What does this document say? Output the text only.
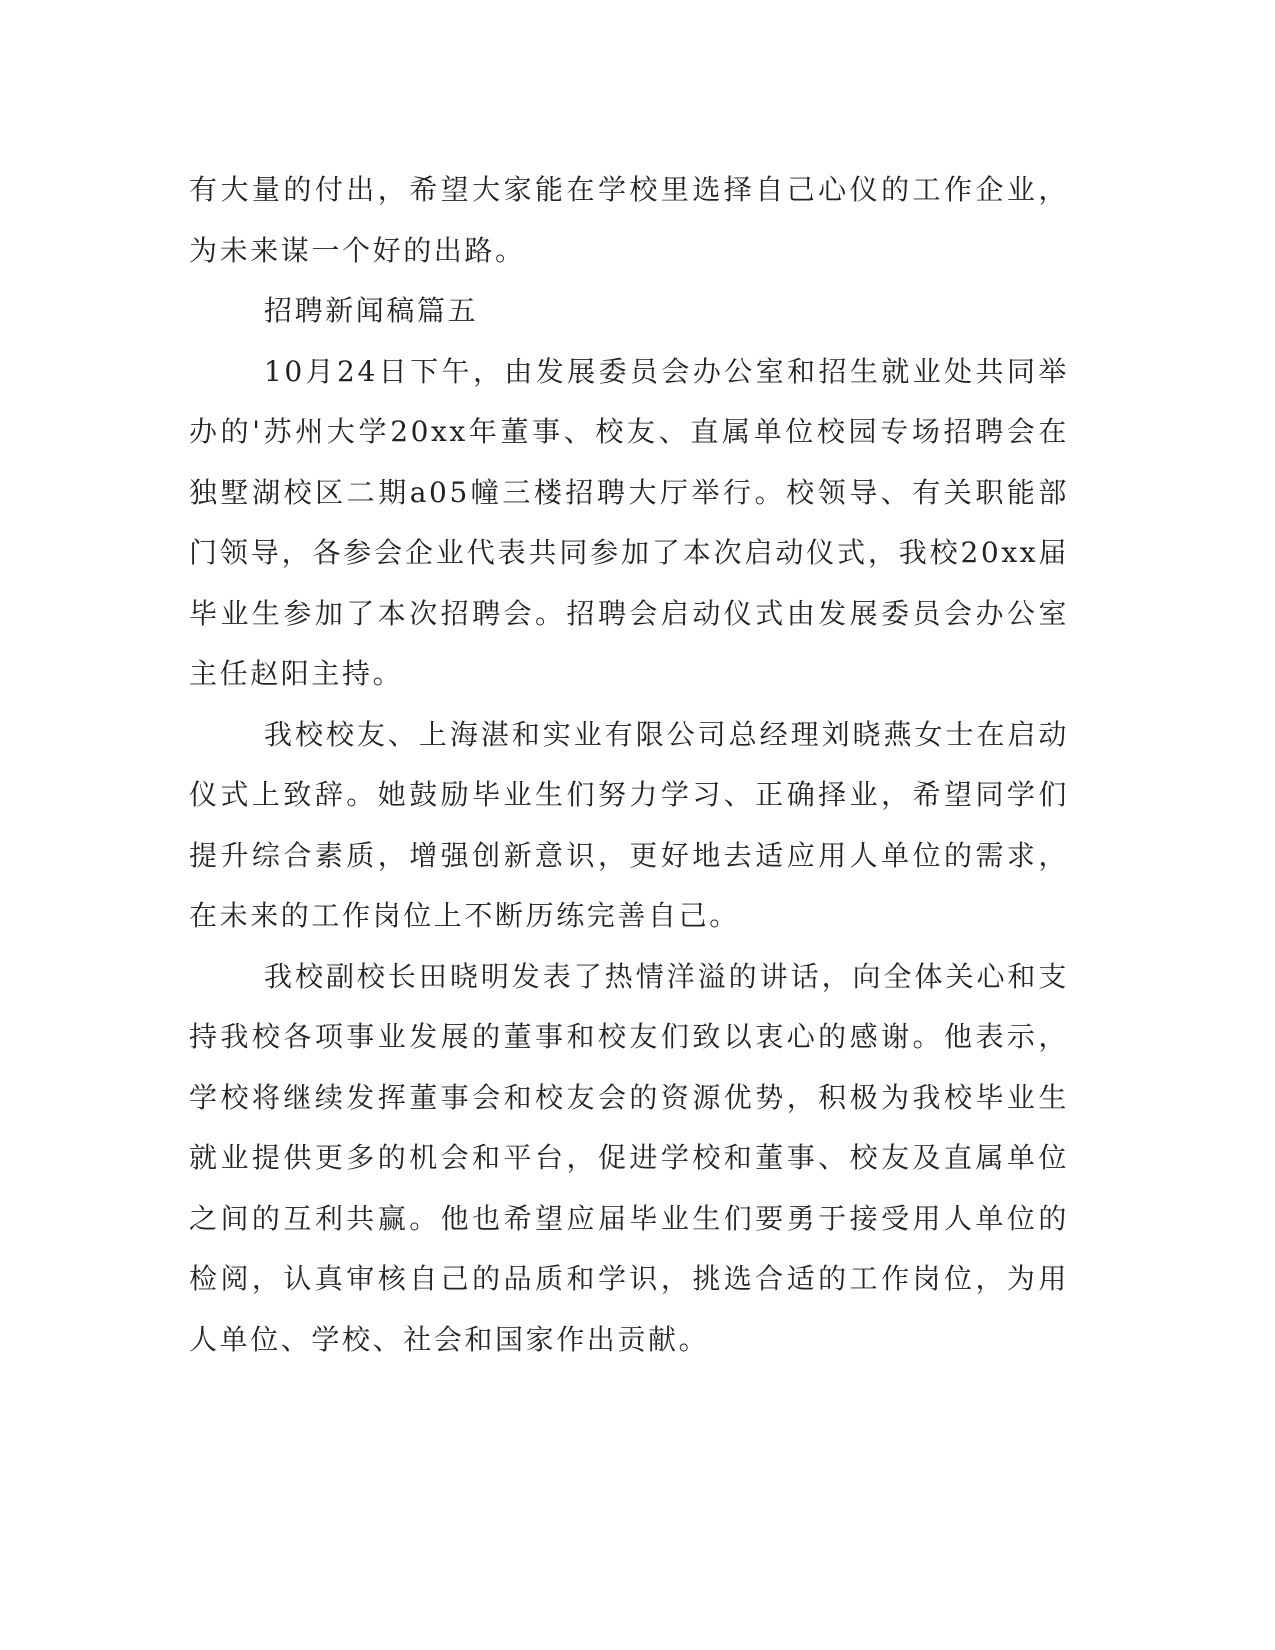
有大量的付出，希望大家能在学校里选择自己心仪的工作企业，为未来谋一个好的出路。

招聘新闻稿篇五

10月24日下午，由发展委员会办公室和招生就业处共同举办的'苏州大学20xx年董事、校友、直属单位校园专场招聘会在独墅湖校区二期a05幢三楼招聘大厅举行。校领导、有关职能部门领导，各参会企业代表共同参加了本次启动仪式，我校20xx届毕业生参加了本次招聘会。招聘会启动仪式由发展委员会办公室主任赵阳主持。

我校校友、上海湛和实业有限公司总经理刘晓燕女士在启动仪式上致辞。她鼓励毕业生们努力学习、正确择业，希望同学们提升综合素质，增强创新意识，更好地去适应用人单位的需求，在未来的工作岗位上不断历练完善自己。

我校副校长田晓明发表了热情洋溢的讲话，向全体关心和支持我校各项事业发展的董事和校友们致以衷心的感谢。他表示，学校将继续发挥董事会和校友会的资源优势，积极为我校毕业生就业提供更多的机会和平台，促进学校和董事、校友及直属单位之间的互利共赢。他也希望应届毕业生们要勇于接受用人单位的检阅，认真审核自己的品质和学识，挑选合适的工作岗位，为用人单位、学校、社会和国家作出贡献。
